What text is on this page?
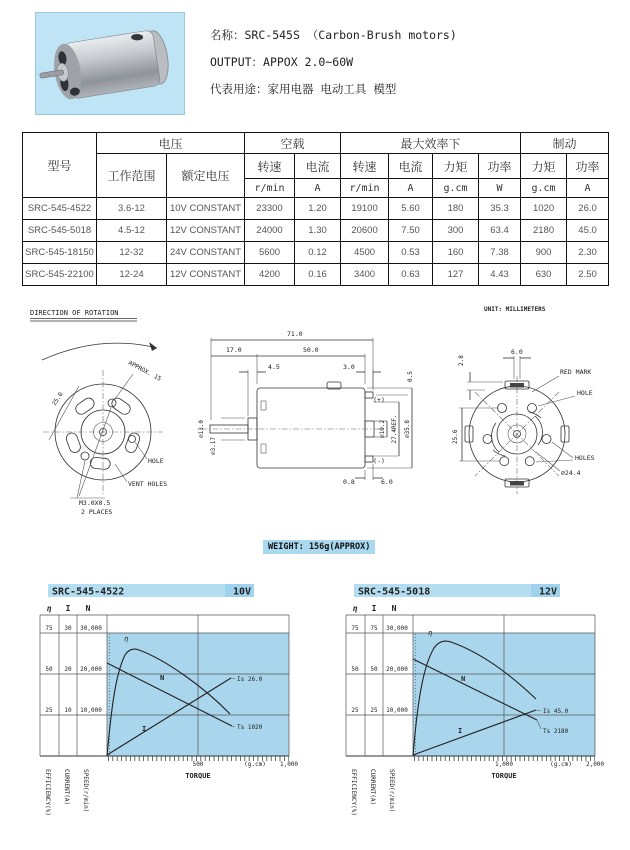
名称：SRC-545S （Carbon-Brush motors)
OUTPUT：APPOX 2.0~60W
代表用途：家用电器 电动工具 模型
型号	电压		空载		最大效率下				制动	
	工作范围	额定电压	转速	电流	转速	电流	力矩	功率	力矩	功率
			r/min	A	r/min	A	g.cm	W	g.cm	A
SRC-545-4522	3.6-12	10V CONSTANT	23300	1.20	19100	5.60	180	35.3	1020	26.0
SRC-545-5018	4.5-12	12V CONSTANT	24000	1.30	20600	7.50	300	63.4	2180	45.0
SRC-545-18150	12-32	24V CONSTANT	5600	0.12	4500	0.53	160	7.38	900	2.30
SRC-545-22100	12-24	12V CONSTANT	4200	0.16	3400	0.63	127	4.43	630	2.50
UNIT: MILLIMETERS
DIRECTION OF ROTATION
APPROX. 15
25.0
HOLE
VENT HOLES
M3.0X0.5
2 PLACES
71.0
17.0	50.0
4.5	3.0
0.5
∅13.0
∅3.17
∅10.2 27.4REF. ∅35.8
(+)
(-)
0.8	6.0
6.0
2.8
25.6
RED MARK
HOLE
HOLES
∅24.4
WEIGHT: 156g(APPROX)
SRC-545-4522	10V
η I N
75
50
25
30
20
10
30,000
20,000
10,000
η
N
I
Is 26.0
Ts 1020
500	(g.cm) 1,000
TORQUE
EFFICIENCY(%) CURRENT(A) SPEED(r/min)
SRC-545-5018	12V
η I N
75
50
25
75
50
25
30,000
20,000
10,000
η
N
I
Is 45.0
Ts 2180
1,000	(g.cm) 2,000
TORQUE
EFFICIENCY(%) CURRENT(A) SPEED(r/min)
